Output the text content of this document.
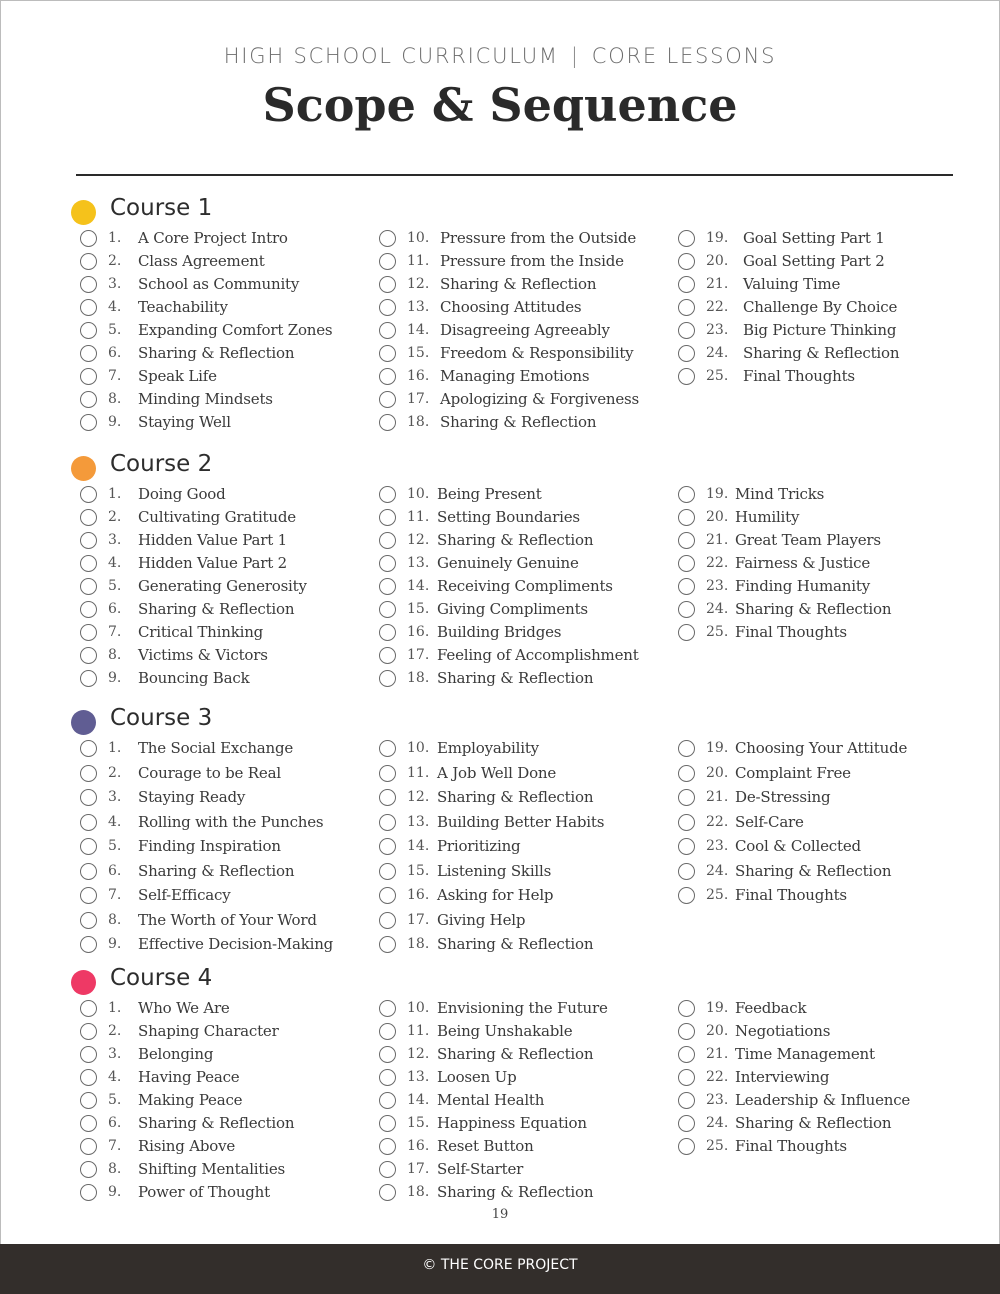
HIGH SCHOOL CURRICULUM | CORE LESSONS
Scope & Sequence
Course 1
1. A Core Project Intro
2. Class Agreement
3. School as Community
4. Teachability
5. Expanding Comfort Zones
6. Sharing & Reflection
7. Speak Life
8. Minding Mindsets
9. Staying Well
10. Pressure from the Outside
11. Pressure from the Inside
12. Sharing & Reflection
13. Choosing Attitudes
14. Disagreeing Agreeably
15. Freedom & Responsibility
16. Managing Emotions
17. Apologizing & Forgiveness
18. Sharing & Reflection
19. Goal Setting Part 1
20. Goal Setting Part 2
21. Valuing Time
22. Challenge By Choice
23. Big Picture Thinking
24. Sharing & Reflection
25. Final Thoughts
Course 2
1. Doing Good
2. Cultivating Gratitude
3. Hidden Value Part 1
4. Hidden Value Part 2
5. Generating Generosity
6. Sharing & Reflection
7. Critical Thinking
8. Victims & Victors
9. Bouncing Back
10. Being Present
11. Setting Boundaries
12. Sharing & Reflection
13. Genuinely Genuine
14. Receiving Compliments
15. Giving Compliments
16. Building Bridges
17. Feeling of Accomplishment
18. Sharing & Reflection
19. Mind Tricks
20. Humility
21. Great Team Players
22. Fairness & Justice
23. Finding Humanity
24. Sharing & Reflection
25. Final Thoughts
Course 3
1. The Social Exchange
2. Courage to be Real
3. Staying Ready
4. Rolling with the Punches
5. Finding Inspiration
6. Sharing & Reflection
7. Self-Efficacy
8. The Worth of Your Word
9. Effective Decision-Making
10. Employability
11. A Job Well Done
12. Sharing & Reflection
13. Building Better Habits
14. Prioritizing
15. Listening Skills
16. Asking for Help
17. Giving Help
18. Sharing & Reflection
19. Choosing Your Attitude
20. Complaint Free
21. De-Stressing
22. Self-Care
23. Cool & Collected
24. Sharing & Reflection
25. Final Thoughts
Course 4
1. Who We Are
2. Shaping Character
3. Belonging
4. Having Peace
5. Making Peace
6. Sharing & Reflection
7. Rising Above
8. Shifting Mentalities
9. Power of Thought
10. Envisioning the Future
11. Being Unshakable
12. Sharing & Reflection
13. Loosen Up
14. Mental Health
15. Happiness Equation
16. Reset Button
17. Self-Starter
18. Sharing & Reflection
19. Feedback
20. Negotiations
21. Time Management
22. Interviewing
23. Leadership & Influence
24. Sharing & Reflection
25. Final Thoughts
19
© THE CORE PROJECT
